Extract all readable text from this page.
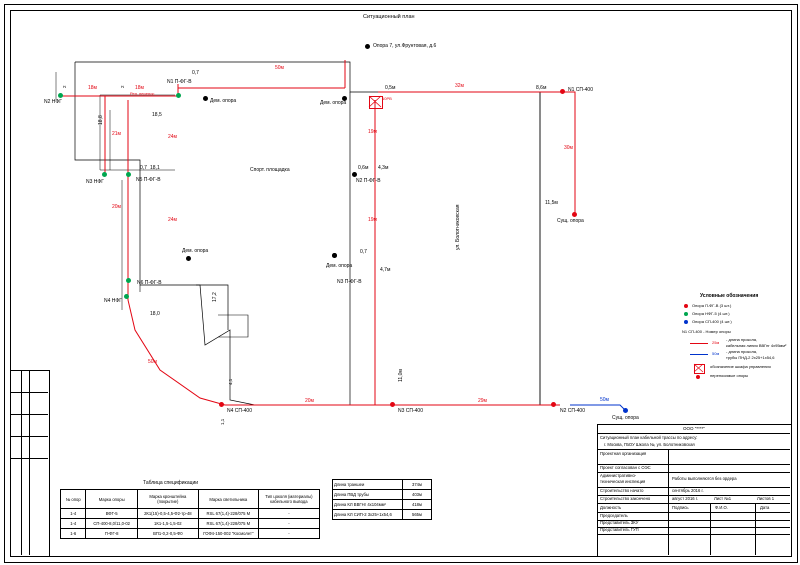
Ситуационный план
Опора 7, ул.Фрунтовая, д.6
N2 НФГ
N1 П-ФГ-В
N3 НФГ	N5 П-ФГ-В
N4 НФГ
N6 П-ФГ-В
N1 СП-400
Сущ. опора
N2 СП-400
N3 СП-400
N4 СП-400
Сущ. опора
N2 П-ФГ-В
N3 П-ФГ-В
Дем. опора	Дем. опора
Дем. опора
Дем. опора
Спорт. площадка
ул. Болотниковская
50м
32м	8,6м
30м
11,5м
19м
19м
0,5м
0,6м 4,3м
0,7
4,7м
0,7
0,7
18,5
18,1
18,8
18,0
21м	24м
24м
20м
50м
20м	29м	50м
18м	18м
11,0м
17,2
1,1
2	2
4,1
10РВ
Рел. перенос
Условные обозначения
Опора П-ФГ-В (3 шт.)
Опора НФГ-5 (4 шт.)
Опора СП-400 (4 шт.)
N1 СП-400 - Номер опоры
25м
- длина прокола,
кабельная линия ВВГнг 4х95мм²
50м - длина прокола,
трубы ПНД-2 2х25+1х54,6
обозначение шкафа управления
переносимые опоры
Таблица спецификации
№ опор	Марка опоры	Марка кронштейна (покрытие)	Марка светильника	Тип цоколя (материалы) кабельного вывода
1-4	ВФГ-5	2К1(15)-0,5-4,5-Ф2-тр-48	RSL 67(1,4)-228/075 М	-
1-4	СП-400-8,0/11,0-02	1К1-1,5-1,5-02	RSL 67(1,4)-228/075 М	-
1-6	П-ФГ-8	ВП1-0,2-0,5-Ф0	ГОФ4-150-002 "Космолет"	-
Длина траншеи	374м
Длина ПВД трубы	403м
Длина КЛ ВВГНг 4х104мм²	418м
Длина КЛ СИП-2 3х25+1х54,6	565м
ООО "****"
Ситуационный план кабельной трассы по адресу:
г. Москва, ГБОУ Школа №, ул. Болотниковская
Проектная организация
Проект согласован с ОЭС
Административно-
техническая инспекция
Работы выполняются без ордера
Строительство начато	сентябрь 2016 г.
Строительство закончено	август 2016 г.
Должность	Подпись	Ф.И.О.	Дата
Председатель
Представитель ЗКУ
Представитель ГУП
Лист №1	Листов 1
